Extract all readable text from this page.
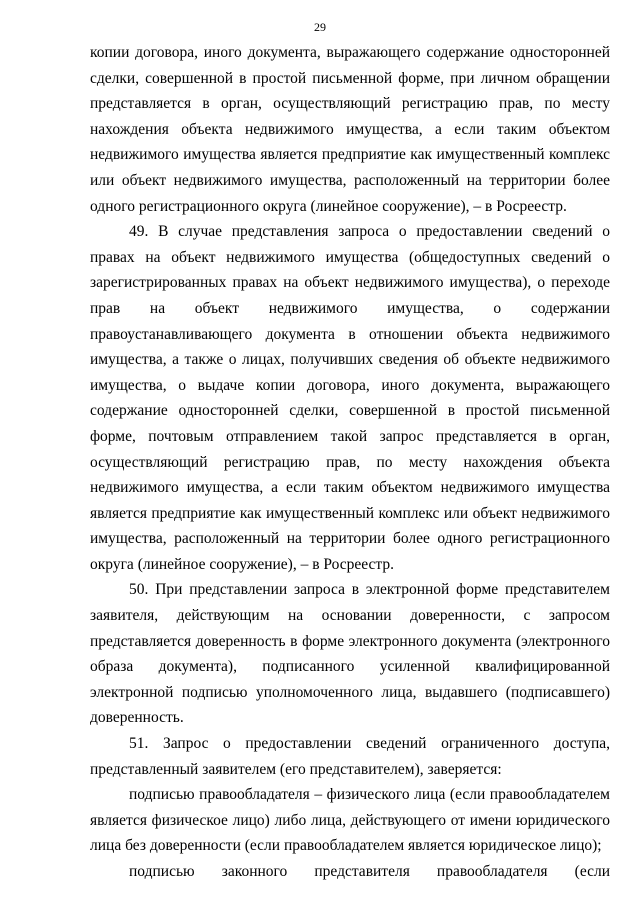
29

копии договора, иного документа, выражающего содержание односторонней сделки, совершенной в простой письменной форме, при личном обращении представляется в орган, осуществляющий регистрацию прав, по месту нахождения объекта недвижимого имущества, а если таким объектом недвижимого имущества является предприятие как имущественный комплекс или объект недвижимого имущества, расположенный на территории более одного регистрационного округа (линейное сооружение), – в Росреестр.

49. В случае представления запроса о предоставлении сведений о правах на объект недвижимого имущества (общедоступных сведений о зарегистрированных правах на объект недвижимого имущества), о переходе прав на объект недвижимого имущества, о содержании правоустанавливающего документа в отношении объекта недвижимого имущества, а также о лицах, получивших сведения об объекте недвижимого имущества, о выдаче копии договора, иного документа, выражающего содержание односторонней сделки, совершенной в простой письменной форме, почтовым отправлением такой запрос представляется в орган, осуществляющий регистрацию прав, по месту нахождения объекта недвижимого имущества, а если таким объектом недвижимого имущества является предприятие как имущественный комплекс или объект недвижимого имущества, расположенный на территории более одного регистрационного округа (линейное сооружение), – в Росреестр.

50. При представлении запроса в электронной форме представителем заявителя, действующим на основании доверенности, с запросом представляется доверенность в форме электронного документа (электронного образа документа), подписанного усиленной квалифицированной электронной подписью уполномоченного лица, выдавшего (подписавшего) доверенность.

51. Запрос о предоставлении сведений ограниченного доступа, представленный заявителем (его представителем), заверяется:

подписью правообладателя – физического лица (если правообладателем является физическое лицо) либо лица, действующего от имени юридического лица без доверенности (если правообладателем является юридическое лицо);

подписью законного представителя правообладателя (если
